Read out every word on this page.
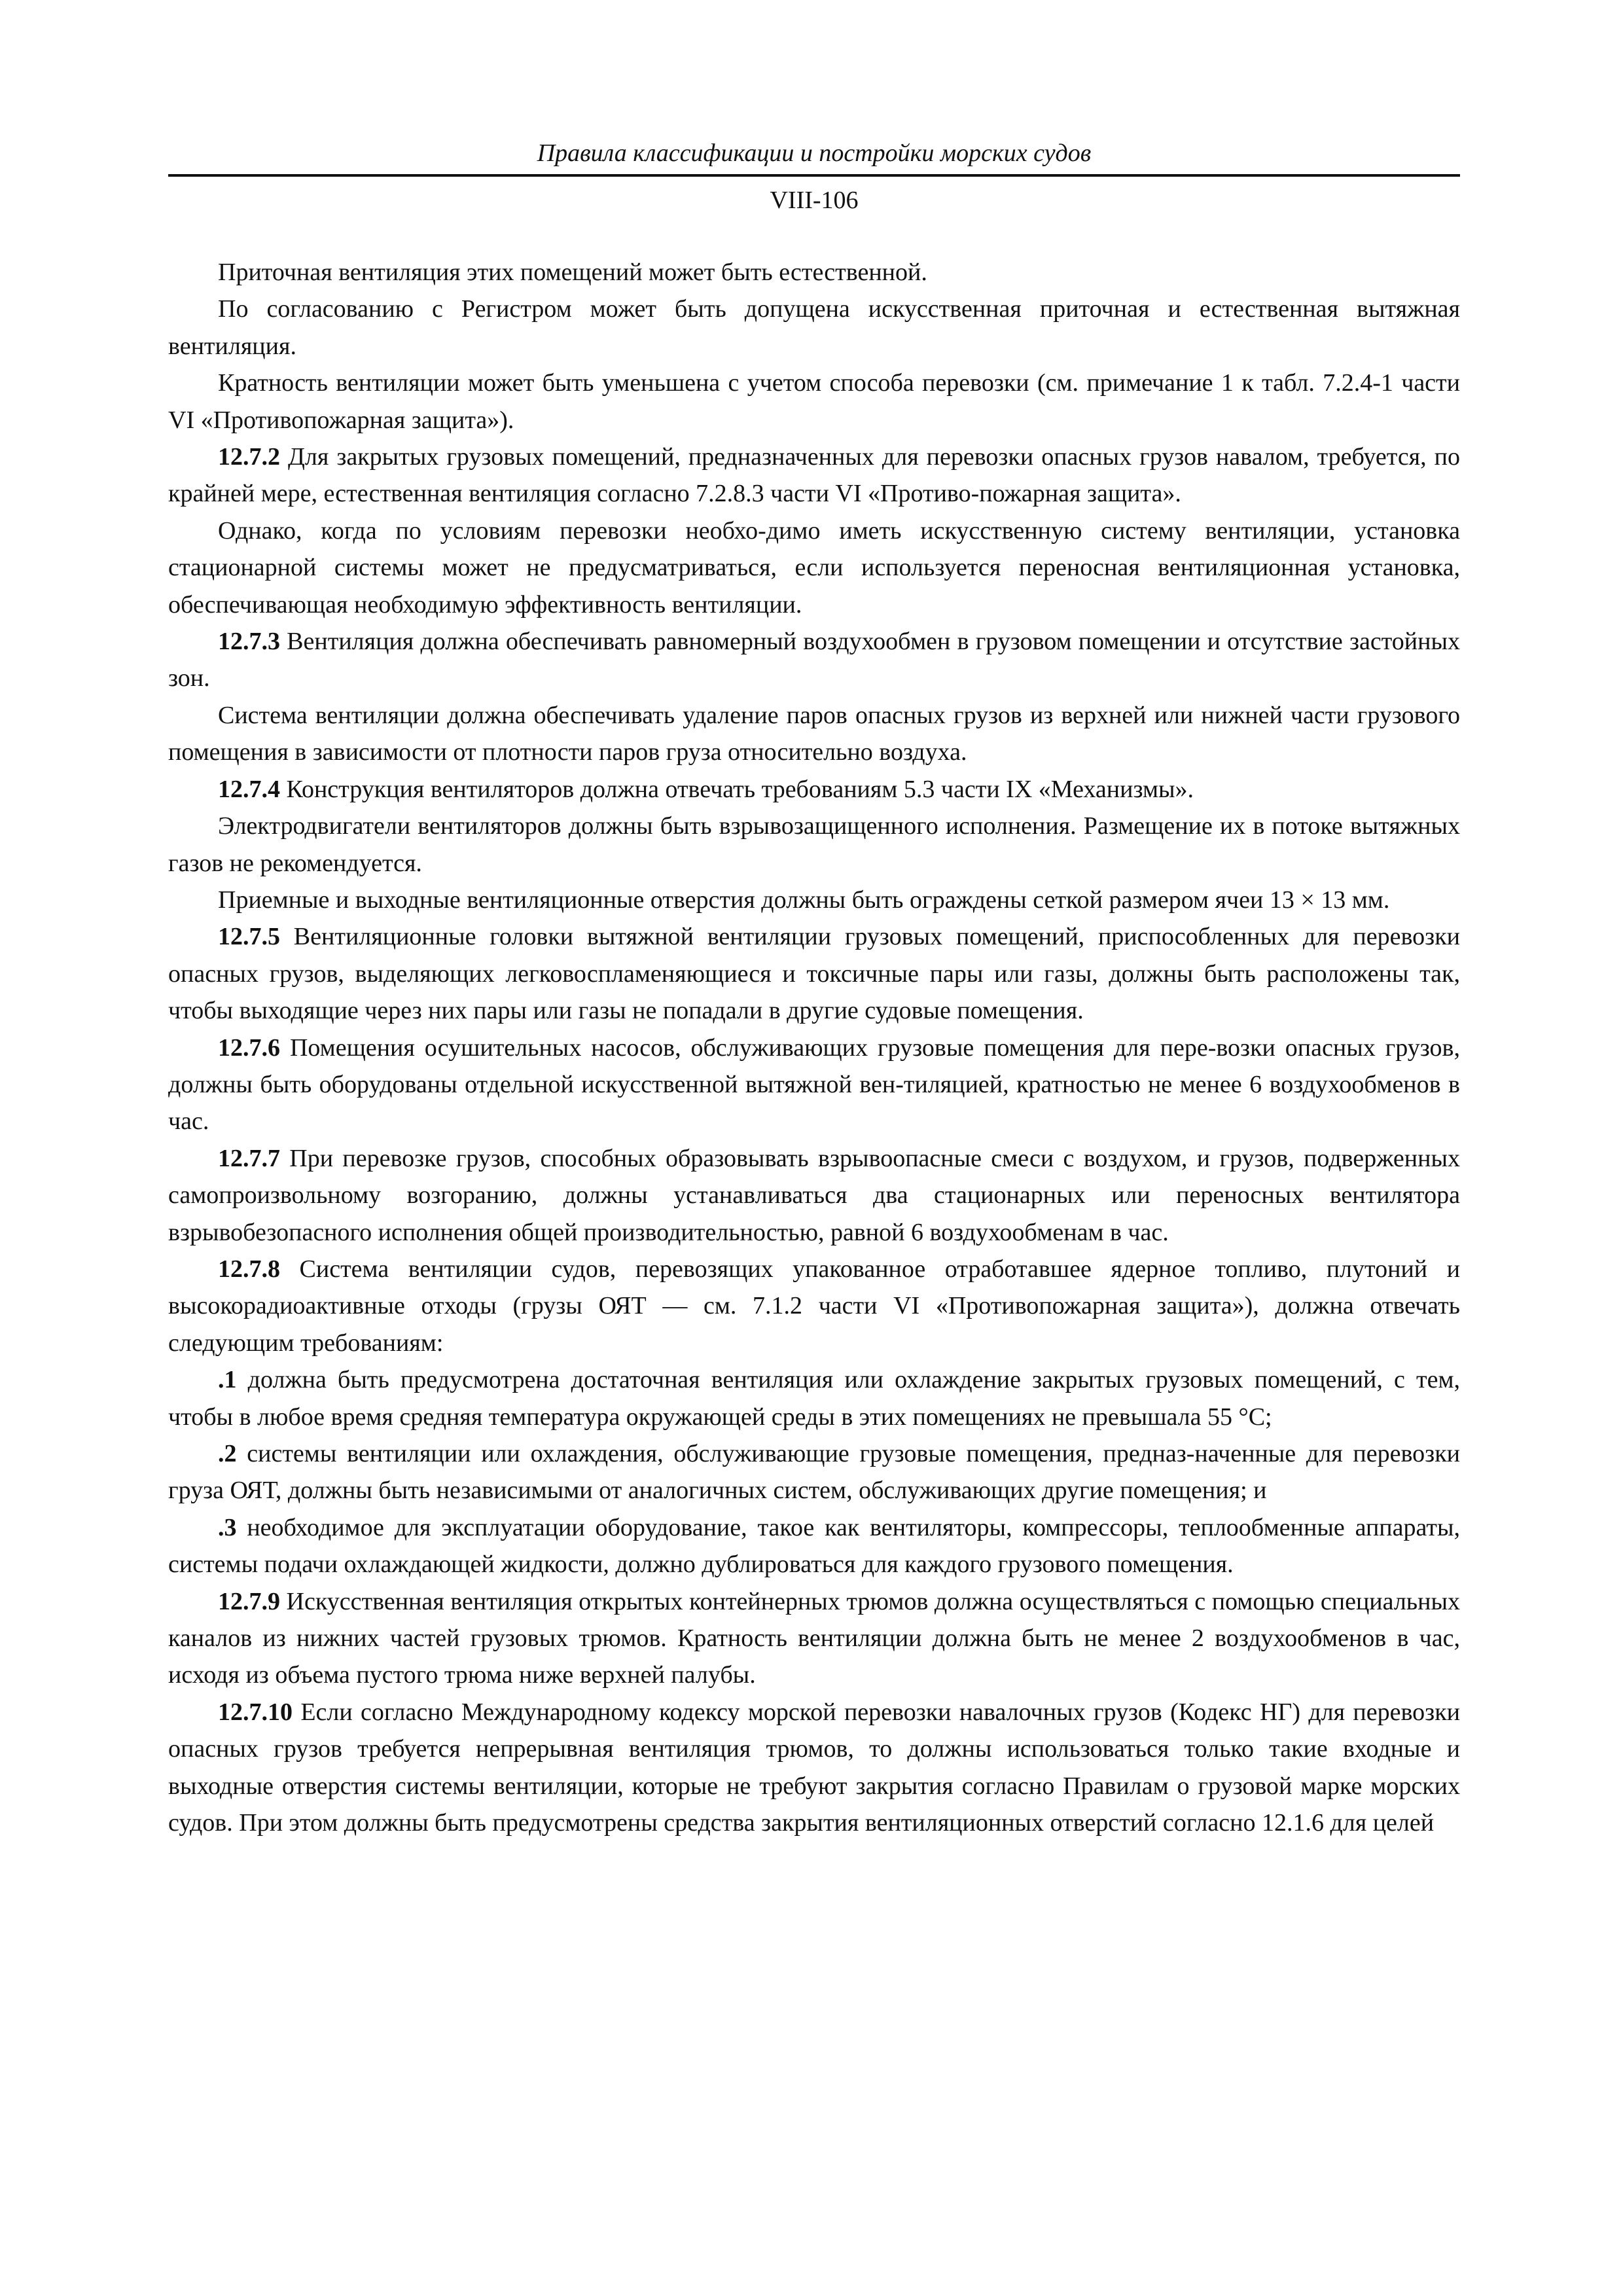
Правила классификации и постройки морских судов
VIII-106

Приточная вентиляция этих помещений может быть естественной.

По согласованию с Регистром может быть допущена искусственная приточная и естественная вытяжная вентиляция.

Кратность вентиляции может быть уменьшена с учетом способа перевозки (см. примечание 1 к табл. 7.2.4-1 части VI «Противопожарная защита»).

12.7.2 Для закрытых грузовых помещений, предназначенных для перевозки опасных грузов навалом, требуется, по крайней мере, естественная вентиляция согласно 7.2.8.3 части VI «Противо-пожарная защита».

Однако, когда по условиям перевозки необхо-димо иметь искусственную систему вентиляции, установка стационарной системы может не предусматриваться, если используется переносная вентиляционная установка, обеспечивающая необходимую эффективность вентиляции.

12.7.3 Вентиляция должна обеспечивать равномерный воздухообмен в грузовом помещении и отсутствие застойных зон.

Система вентиляции должна обеспечивать удаление паров опасных грузов из верхней или нижней части грузового помещения в зависимости от плотности паров груза относительно воздуха.

12.7.4 Конструкция вентиляторов должна отвечать требованиям 5.3 части IX «Механизмы».

Электродвигатели вентиляторов должны быть взрывозащищенного исполнения. Размещение их в потоке вытяжных газов не рекомендуется.

Приемные и выходные вентиляционные отверстия должны быть ограждены сеткой размером ячеи 13 × 13 мм.

12.7.5 Вентиляционные головки вытяжной вентиляции грузовых помещений, приспособленных для перевозки опасных грузов, выделяющих легковоспламеняющиеся и токсичные пары или газы, должны быть расположены так, чтобы выходящие через них пары или газы не попадали в другие судовые помещения.

12.7.6 Помещения осушительных насосов, обслуживающих грузовые помещения для пере-возки опасных грузов, должны быть оборудованы отдельной искусственной вытяжной вен-тиляцией, кратностью не менее 6 воздухообменов в час.

12.7.7 При перевозке грузов, способных образовывать взрывоопасные смеси с воздухом, и грузов, подверженных самопроизвольному возгоранию, должны устанавливаться два стационарных или переносных вентилятора взрывобезопасного исполнения общей производительностью, равной 6 воздухообменам в час.

12.7.8 Система вентиляции судов, перевозящих упакованное отработавшее ядерное топливо, плутоний и высокорадиоактивные отходы (грузы ОЯТ — см. 7.1.2 части VI «Противопожарная защита»), должна отвечать следующим требованиям:

.1 должна быть предусмотрена достаточная вентиляция или охлаждение закрытых грузовых помещений, с тем, чтобы в любое время средняя температура окружающей среды в этих помещениях не превышала 55 °С;

.2 системы вентиляции или охлаждения, обслуживающие грузовые помещения, предназ-наченные для перевозки груза ОЯТ, должны быть независимыми от аналогичных систем, обслуживающих другие помещения; и

.3 необходимое для эксплуатации оборудование, такое как вентиляторы, компрессоры, теплообменные аппараты, системы подачи охлаждающей жидкости, должно дублироваться для каждого грузового помещения.

12.7.9 Искусственная вентиляция открытых контейнерных трюмов должна осуществляться с помощью специальных каналов из нижних частей грузовых трюмов. Кратность вентиляции должна быть не менее 2 воздухообменов в час, исходя из объема пустого трюма ниже верхней палубы.

12.7.10 Если согласно Международному кодексу морской перевозки навалочных грузов (Кодекс НГ) для перевозки опасных грузов требуется непрерывная вентиляция трюмов, то должны использоваться только такие входные и выходные отверстия системы вентиляции, которые не требуют закрытия согласно Правилам о грузовой марке морских судов. При этом должны быть предусмотрены средства закрытия вентиляционных отверстий согласно 12.1.6 для целей
